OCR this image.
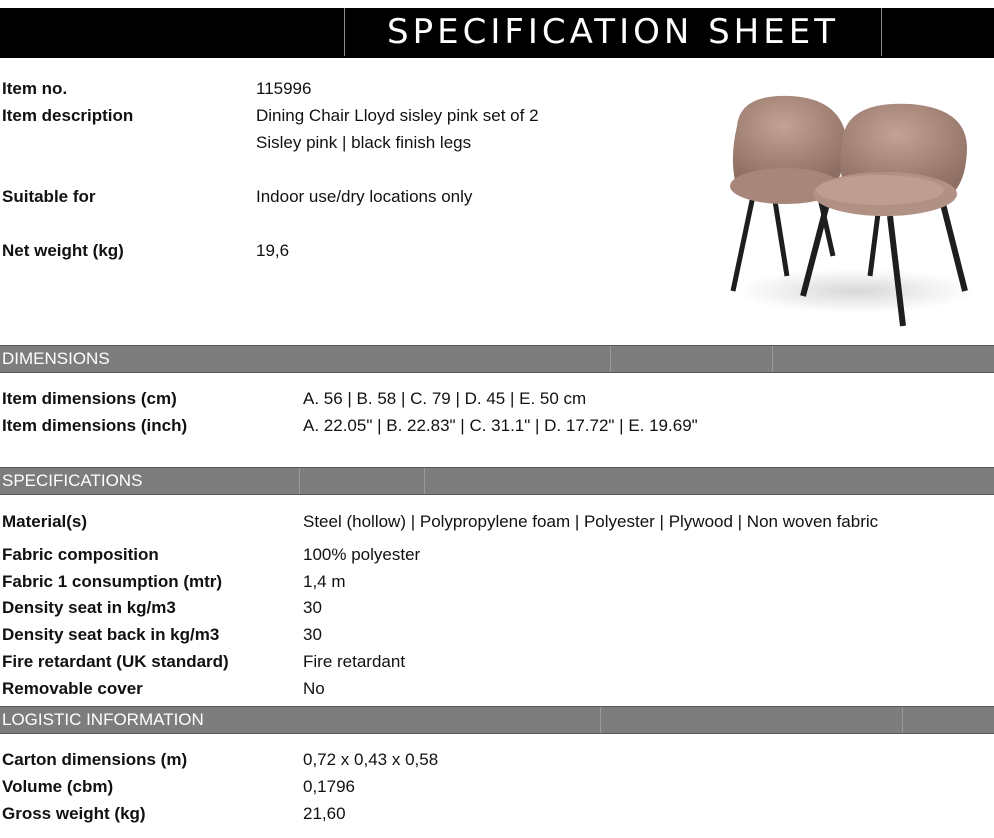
SPECIFICATION SHEET
Item no.	115996
Item description	Dining Chair Lloyd sisley pink set of 2
Sisley pink | black finish legs
Suitable for	Indoor use/dry locations only
Net weight (kg)	19,6
DIMENSIONS
Item dimensions (cm)	A. 56 | B. 58 | C. 79 | D. 45 | E. 50 cm
Item dimensions (inch)	A. 22.05" | B. 22.83" | C. 31.1" | D. 17.72" | E. 19.69"
SPECIFICATIONS
Material(s)	Steel (hollow) | Polypropylene foam | Polyester | Plywood | Non woven fabric
Fabric composition	100% polyester
Fabric 1 consumption (mtr)	1,4 m
Density seat in kg/m3	30
Density seat back in kg/m3	30
Fire retardant (UK standard)	Fire retardant
Removable cover	No
LOGISTIC INFORMATION
Carton dimensions (m)	0,72 x 0,43 x 0,58
Volume (cbm)	0,1796
Gross weight (kg)	21,60
